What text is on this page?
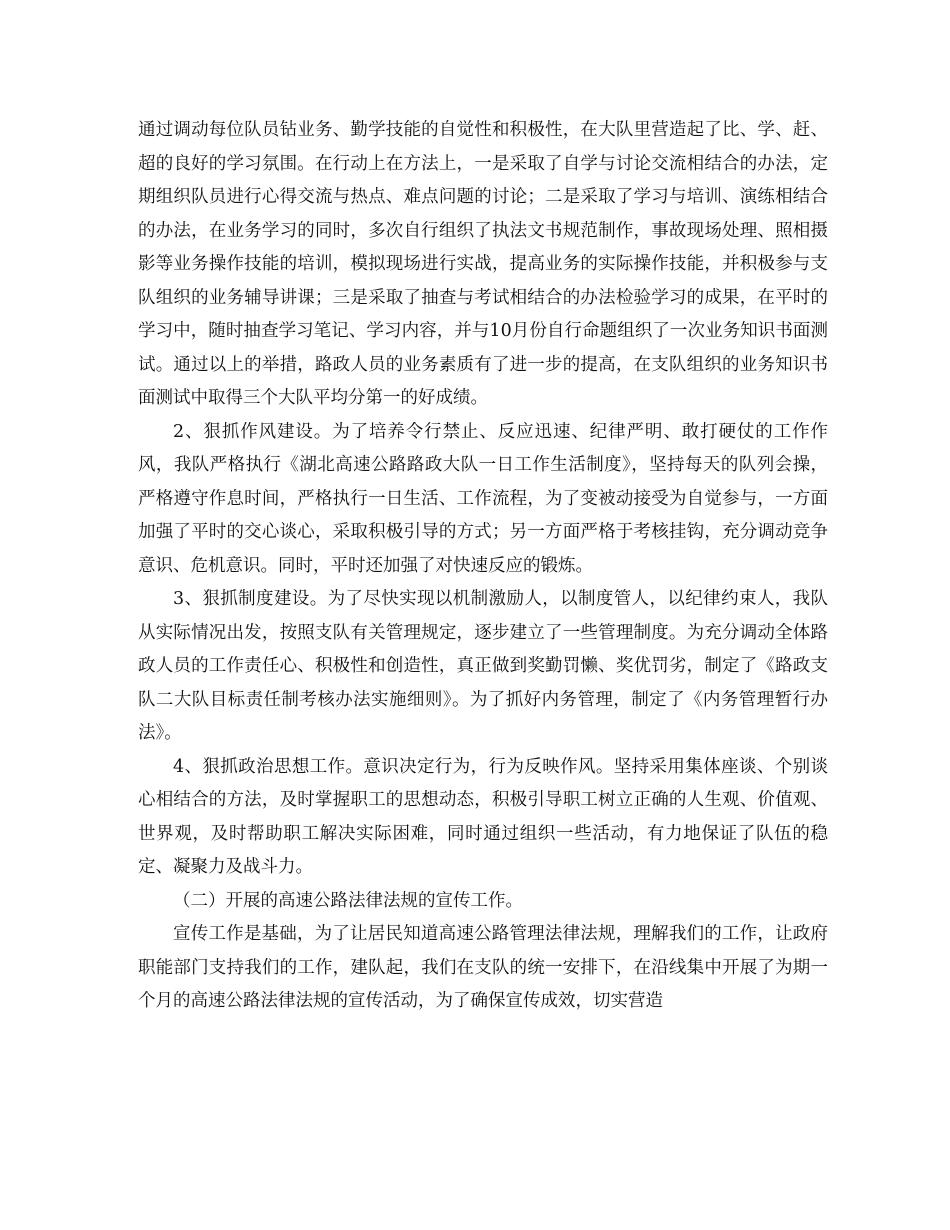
通过调动每位队员钻业务、勤学技能的自觉性和积极性，在大队里营造起了比、学、赶、超的良好的学习氛围。在行动上在方法上，一是采取了自学与讨论交流相结合的办法，定期组织队员进行心得交流与热点、难点问题的讨论；二是采取了学习与培训、演练相结合的办法，在业务学习的同时，多次自行组织了执法文书规范制作，事故现场处理、照相摄影等业务操作技能的培训，模拟现场进行实战，提高业务的实际操作技能，并积极参与支队组织的业务辅导讲课；三是采取了抽查与考试相结合的办法检验学习的成果，在平时的学习中，随时抽查学习笔记、学习内容，并与10月份自行命题组织了一次业务知识书面测试。通过以上的举措，路政人员的业务素质有了进一步的提高，在支队组织的业务知识书面测试中取得三个大队平均分第一的好成绩。

2、狠抓作风建设。为了培养令行禁止、反应迅速、纪律严明、敢打硬仗的工作作风，我队严格执行《湖北高速公路路政大队一日工作生活制度》，坚持每天的队列会操，严格遵守作息时间，严格执行一日生活、工作流程，为了变被动接受为自觉参与，一方面加强了平时的交心谈心，采取积极引导的方式；另一方面严格于考核挂钩，充分调动竞争意识、危机意识。同时，平时还加强了对快速反应的锻炼。

3、狠抓制度建设。为了尽快实现以机制激励人，以制度管人，以纪律约束人，我队从实际情况出发，按照支队有关管理规定，逐步建立了一些管理制度。为充分调动全体路政人员的工作责任心、积极性和创造性，真正做到奖勤罚懒、奖优罚劣，制定了《路政支队二大队目标责任制考核办法实施细则》。为了抓好内务管理，制定了《内务管理暂行办法》。

4、狠抓政治思想工作。意识决定行为，行为反映作风。坚持采用集体座谈、个别谈心相结合的方法，及时掌握职工的思想动态，积极引导职工树立正确的人生观、价值观、世界观，及时帮助职工解决实际困难，同时通过组织一些活动，有力地保证了队伍的稳定、凝聚力及战斗力。

（二）开展的高速公路法律法规的宣传工作。

宣传工作是基础，为了让居民知道高速公路管理法律法规，理解我们的工作，让政府职能部门支持我们的工作，建队起，我们在支队的统一安排下，在沿线集中开展了为期一个月的高速公路法律法规的宣传活动，为了确保宣传成效，切实营造
